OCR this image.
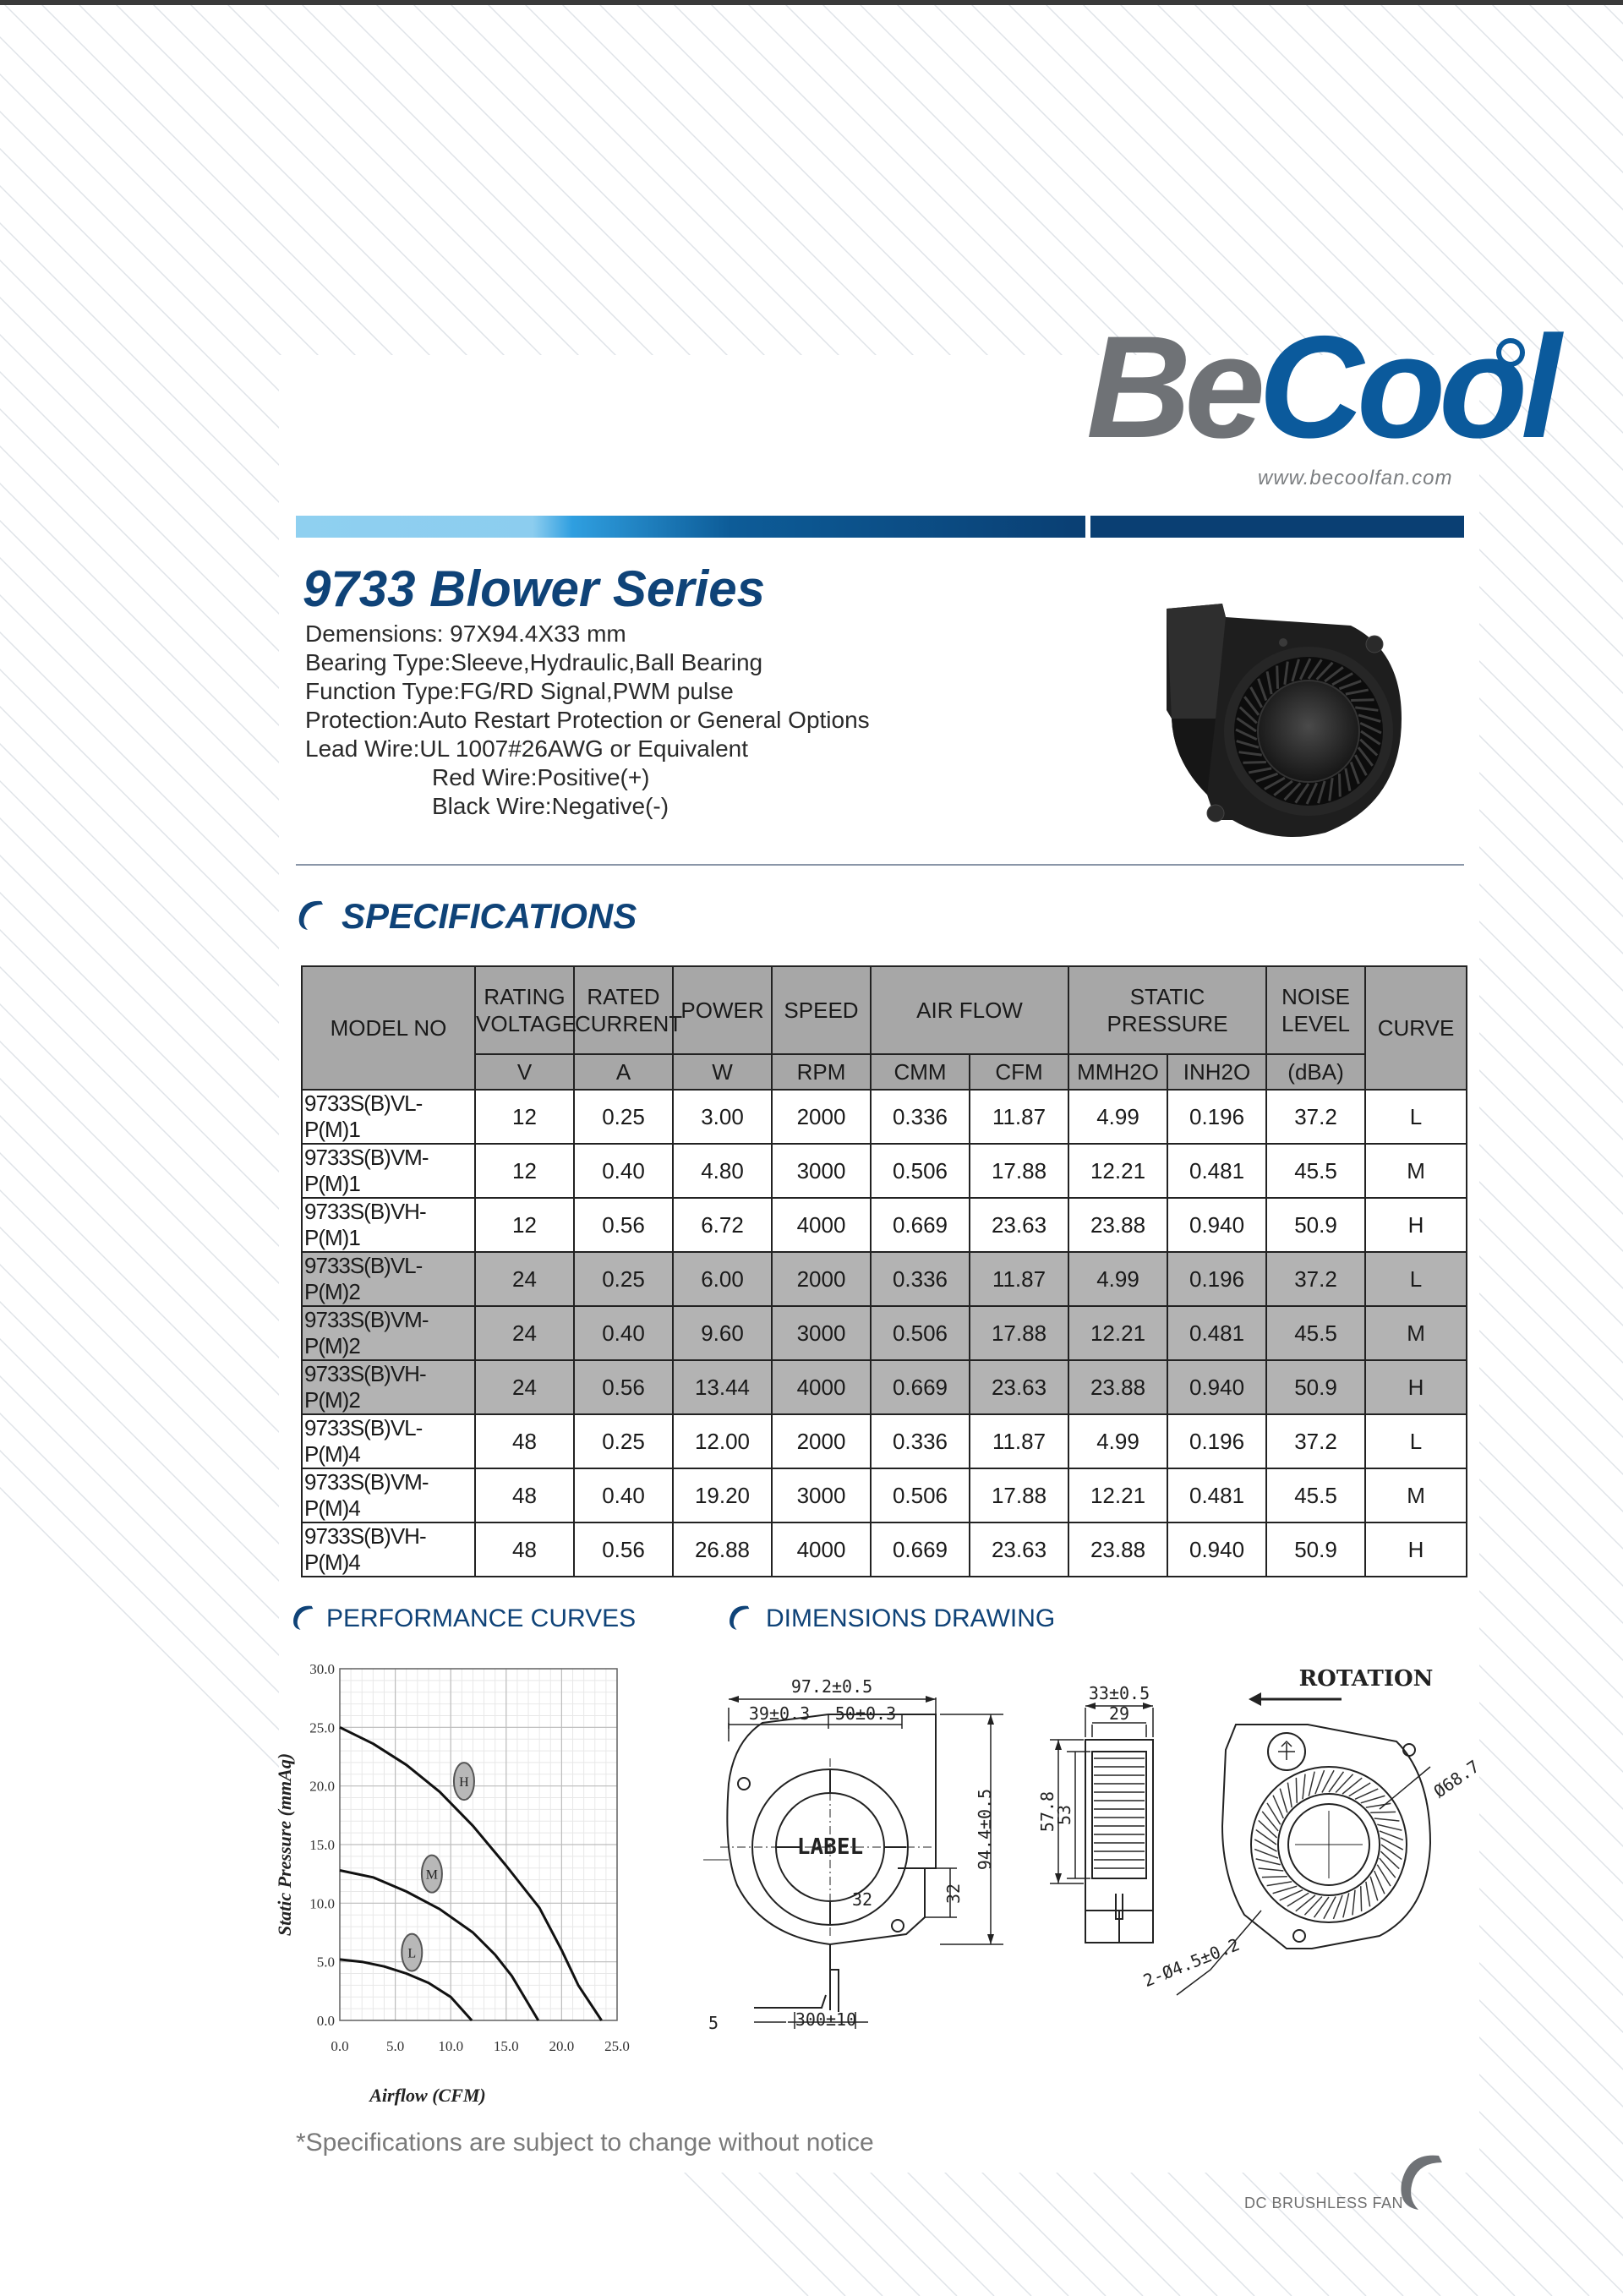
BeCool
www.becoolfan.com
9733 Blower Series
Demensions: 97X94.4X33 mm
Bearing Type:Sleeve,Hydraulic,Ball Bearing
Function Type:FG/RD Signal,PWM pulse
Protection:Auto Restart Protection or General Options
Lead Wire:UL 1007#26AWG or Equivalent
Red Wire:Positive(+)
Black Wire:Negative(-)
SPECIFICATIONS
MODEL NO	RATING VOLTAGE	RATED CURRENT	POWER	SPEED	AIR FLOW		STATIC PRESSURE		NOISE LEVEL	CURVE
	V	A	W	RPM	CMM	CFM	MMH2O	INH2O	(dBA)	
9733S(B)VL-P(M)1	12	0.25	3.00	2000	0.336	11.87	4.99	0.196	37.2	L
9733S(B)VM-P(M)1	12	0.40	4.80	3000	0.506	17.88	12.21	0.481	45.5	M
9733S(B)VH-P(M)1	12	0.56	6.72	4000	0.669	23.63	23.88	0.940	50.9	H
9733S(B)VL-P(M)2	24	0.25	6.00	2000	0.336	11.87	4.99	0.196	37.2	L
9733S(B)VM-P(M)2	24	0.40	9.60	3000	0.506	17.88	12.21	0.481	45.5	M
9733S(B)VH-P(M)2	24	0.56	13.44	4000	0.669	23.63	23.88	0.940	50.9	H
9733S(B)VL-P(M)4	48	0.25	12.00	2000	0.336	11.87	4.99	0.196	37.2	L
9733S(B)VM-P(M)4	48	0.40	19.20	3000	0.506	17.88	12.21	0.481	45.5	M
9733S(B)VH-P(M)4	48	0.56	26.88	4000	0.669	23.63	23.88	0.940	50.9	H
PERFORMANCE CURVES	DIMENSIONS DRAWING
0.0	5.0 10.0 15.0 20.0 25.0
0.0
5.0
10.0
15.0
20.0
25.0
30.0
Airflow (CFM)
Static Pressure (mmAq)	H
M
L
97.2±0.5
39±0.3 50±0.3
94.4±0.5
32
32
300±10
5
33±0.5
29
57.8
53
Ø68.7
2-Ø4.5±0.2
LABEL
ROTATION
*Specifications are subject to change without notice
DC BRUSHLESS FAN
